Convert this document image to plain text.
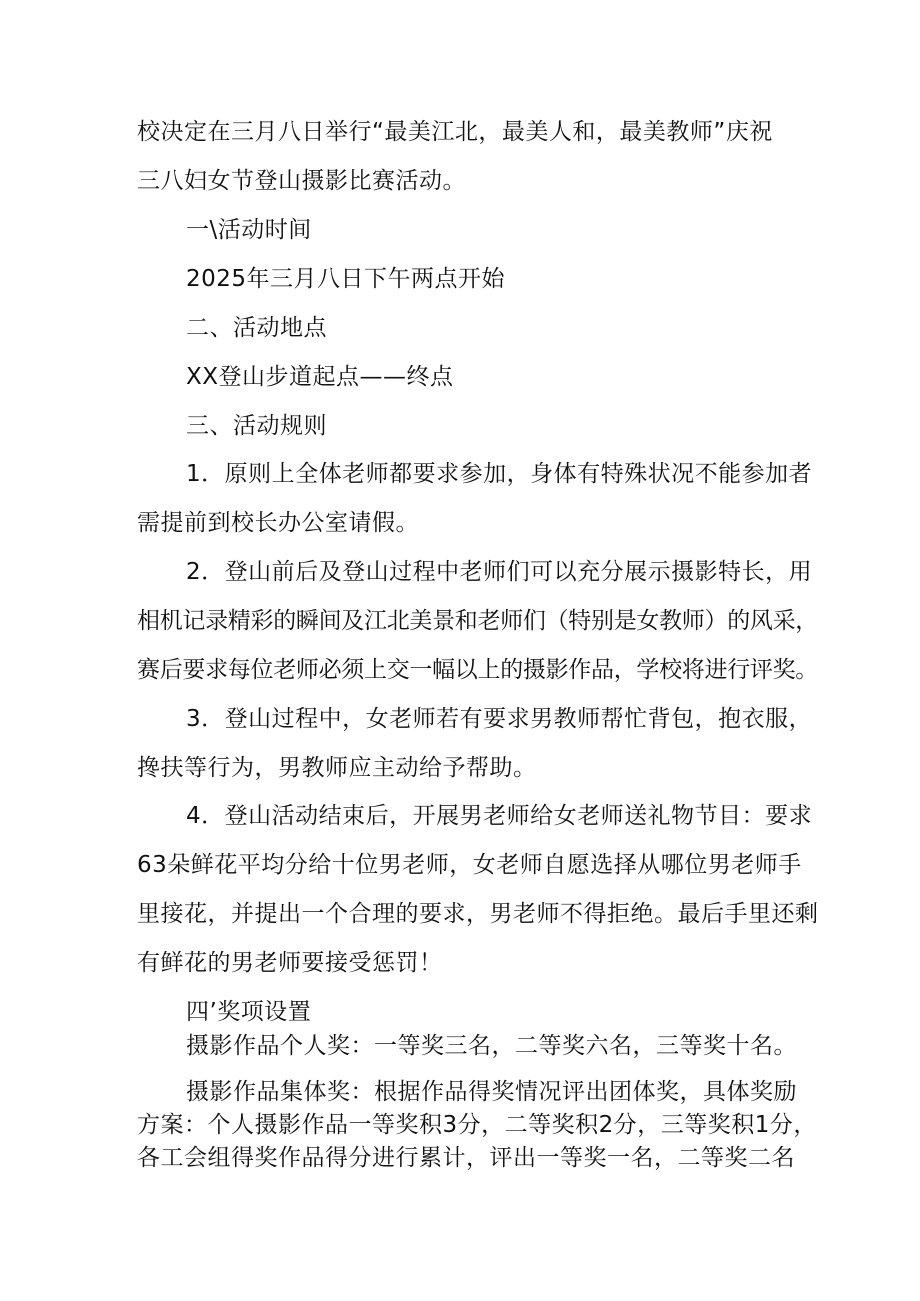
校决定在三月八日举行“最美江北，最美人和，最美教师”庆祝
三八妇女节登山摄影比赛活动。
一\活动时间
2025年三月八日下午两点开始
二、活动地点
XX登山步道起点——终点
三、活动规则
1．原则上全体老师都要求参加，身体有特殊状况不能参加者
需提前到校长办公室请假。
2．登山前后及登山过程中老师们可以充分展示摄影特长，用
相机记录精彩的瞬间及江北美景和老师们（特别是女教师）的风采，
赛后要求每位老师必须上交一幅以上的摄影作品，学校将进行评奖。
3．登山过程中，女老师若有要求男教师帮忙背包，抱衣服，
搀扶等行为，男教师应主动给予帮助。
4．登山活动结束后，开展男老师给女老师送礼物节目：要求
63朵鲜花平均分给十位男老师，女老师自愿选择从哪位男老师手
里接花，并提出一个合理的要求，男老师不得拒绝。最后手里还剩
有鲜花的男老师要接受惩罚！
四’奖项设置
摄影作品个人奖：一等奖三名，二等奖六名，三等奖十名。
摄影作品集体奖：根据作品得奖情况评出团体奖，具体奖励
方案：个人摄影作品一等奖积3分，二等奖积2分，三等奖积1分，
各工会组得奖作品得分进行累计，评出一等奖一名，二等奖二名
